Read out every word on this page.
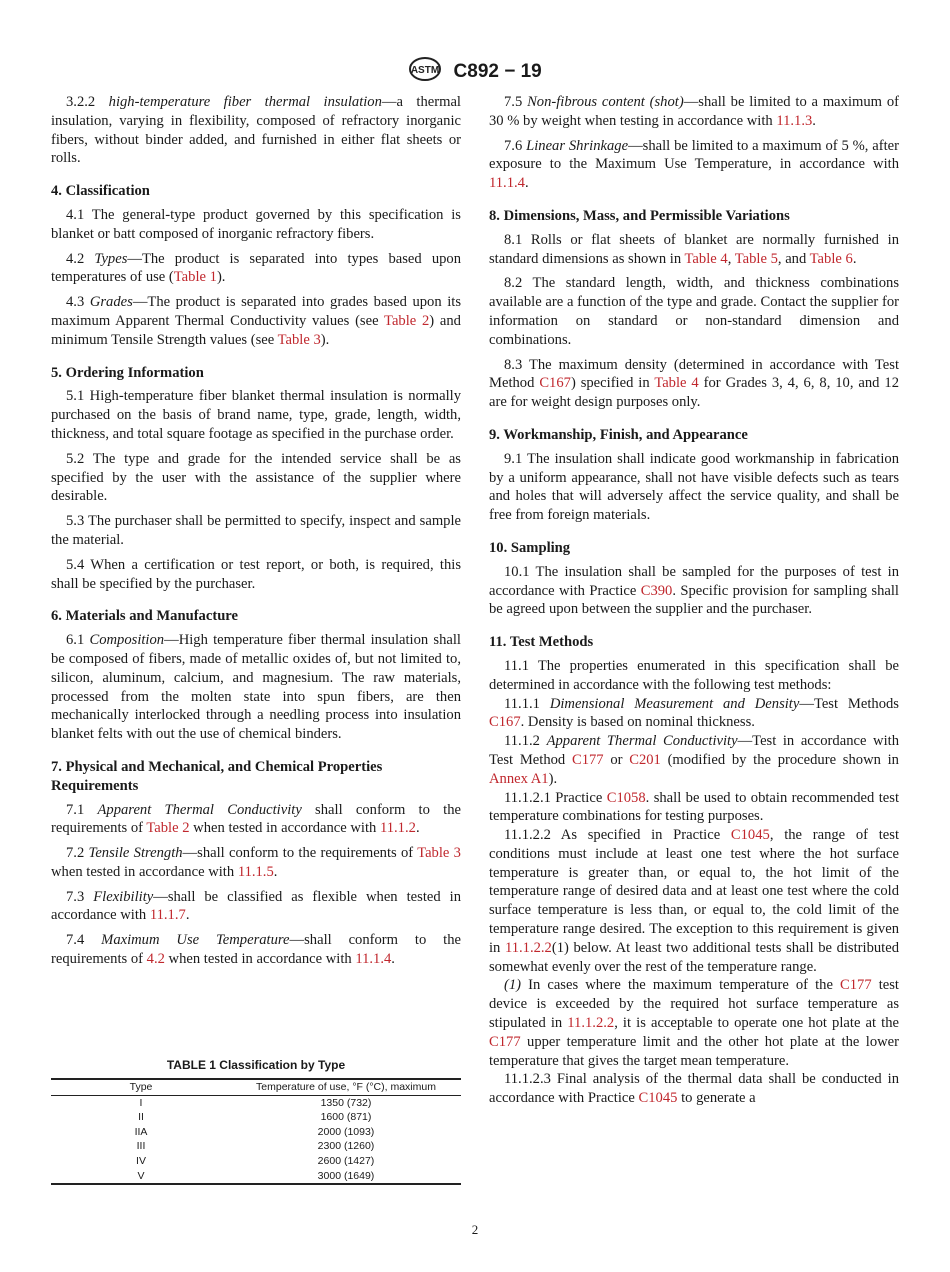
ASTM C892 − 19

3.2.2 high-temperature fiber thermal insulation—a thermal insulation, varying in flexibility, composed of refractory inorganic fibers, without binder added, and furnished in either flat sheets or rolls.

4. Classification

4.1 The general-type product governed by this specification is blanket or batt composed of inorganic refractory fibers.

4.2 Types—The product is separated into types based upon temperatures of use (Table 1).

4.3 Grades—The product is separated into grades based upon its maximum Apparent Thermal Conductivity values (see Table 2) and minimum Tensile Strength values (see Table 3).

5. Ordering Information

5.1 High-temperature fiber blanket thermal insulation is normally purchased on the basis of brand name, type, grade, length, width, thickness, and total square footage as specified in the purchase order.

5.2 The type and grade for the intended service shall be as specified by the user with the assistance of the supplier where desirable.

5.3 The purchaser shall be permitted to specify, inspect and sample the material.

5.4 When a certification or test report, or both, is required, this shall be specified by the purchaser.

6. Materials and Manufacture

6.1 Composition—High temperature fiber thermal insulation shall be composed of fibers, made of metallic oxides of, but not limited to, silicon, aluminum, calcium, and magnesium. The raw materials, processed from the molten state into spun fibers, are then mechanically interlocked through a needling process into insulation blanket felts with out the use of chemical binders.

7. Physical and Mechanical, and Chemical Properties Requirements

7.1 Apparent Thermal Conductivity shall conform to the requirements of Table 2 when tested in accordance with 11.1.2.

7.2 Tensile Strength—shall conform to the requirements of Table 3 when tested in accordance with 11.1.5.

7.3 Flexibility—shall be classified as flexible when tested in accordance with 11.1.7.

7.4 Maximum Use Temperature—shall conform to the requirements of 4.2 when tested in accordance with 11.1.4.

TABLE 1 Classification by Type
Type	Temperature of use, °F (°C), maximum
I	1350 (732)
II	1600 (871)
IIA	2000 (1093)
III	2300 (1260)
IV	2600 (1427)
V	3000 (1649)

7.5 Non-fibrous content (shot)—shall be limited to a maximum of 30 % by weight when testing in accordance with 11.1.3.

7.6 Linear Shrinkage—shall be limited to a maximum of 5 %, after exposure to the Maximum Use Temperature, in accordance with 11.1.4.

8. Dimensions, Mass, and Permissible Variations

8.1 Rolls or flat sheets of blanket are normally furnished in standard dimensions as shown in Table 4, Table 5, and Table 6.

8.2 The standard length, width, and thickness combinations available are a function of the type and grade. Contact the supplier for information on standard or non-standard dimension and combinations.

8.3 The maximum density (determined in accordance with Test Method C167) specified in Table 4 for Grades 3, 4, 6, 8, 10, and 12 are for weight design purposes only.

9. Workmanship, Finish, and Appearance

9.1 The insulation shall indicate good workmanship in fabrication by a uniform appearance, shall not have visible defects such as tears and holes that will adversely affect the service quality, and shall be free from foreign materials.

10. Sampling

10.1 The insulation shall be sampled for the purposes of test in accordance with Practice C390. Specific provision for sampling shall be agreed upon between the supplier and the purchaser.

11. Test Methods

11.1 The properties enumerated in this specification shall be determined in accordance with the following test methods:

11.1.1 Dimensional Measurement and Density—Test Methods C167. Density is based on nominal thickness.

11.1.2 Apparent Thermal Conductivity—Test in accordance with Test Method C177 or C201 (modified by the procedure shown in Annex A1).

11.1.2.1 Practice C1058. shall be used to obtain recommended test temperature combinations for testing purposes.

11.1.2.2 As specified in Practice C1045, the range of test conditions must include at least one test where the hot surface temperature is greater than, or equal to, the hot limit of the temperature range of desired data and at least one test where the cold surface temperature is less than, or equal to, the cold limit of the temperature range desired. The exception to this requirement is given in 11.1.2.2(1) below. At least two additional tests shall be distributed somewhat evenly over the rest of the temperature range.

(1) In cases where the maximum temperature of the C177 test device is exceeded by the required hot surface temperature as stipulated in 11.1.2.2, it is acceptable to operate one hot plate at the C177 upper temperature limit and the other hot plate at the lower temperature that gives the target mean temperature.

11.1.2.3 Final analysis of the thermal data shall be conducted in accordance with Practice C1045 to generate a

2
